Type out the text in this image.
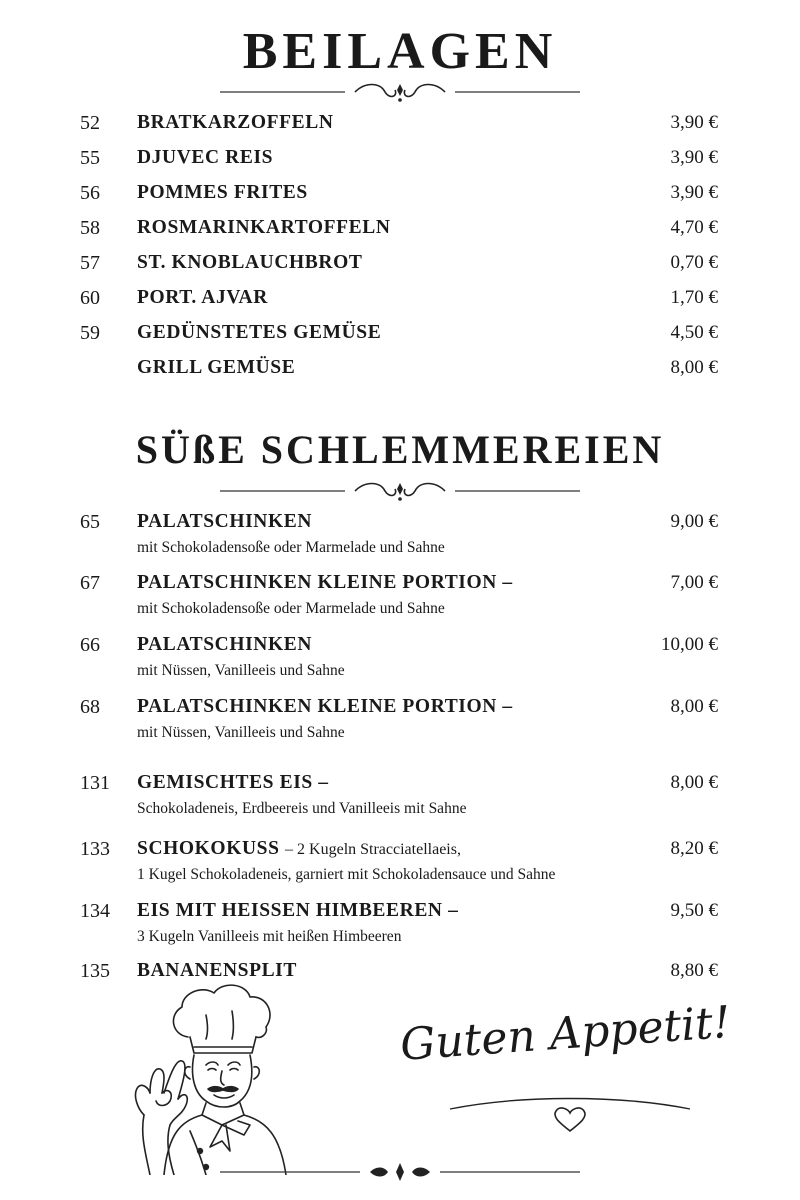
BEILAGEN
52	BRATKARZOFFELN	3,90 €
55	DJUVEC REIS	3,90 €
56	POMMES FRITES	3,90 €
58	ROSMARINKARTOFFELN	4,70 €
57	ST. KNOBLAUCHBROT	0,70 €
60	PORT. AJVAR	1,70 €
59	GEDÜNSTETES GEMÜSE	4,50 €
GRILL GEMÜSE	8,00 €
SÜßE SCHLEMMEREIEN
65	PALATSCHINKEN	9,00 €
mit Schokoladensoße oder Marmelade und Sahne
67	PALATSCHINKEN KLEINE PORTION –	7,00 €
mit Schokoladensoße oder Marmelade und Sahne
66	PALATSCHINKEN	10,00 €
mit Nüssen, Vanilleeis und Sahne
68	PALATSCHINKEN KLEINE PORTION –	8,00 €
mit Nüssen, Vanilleeis und Sahne
131	GEMISCHTES EIS –	8,00 €
Schokoladeneis, Erdbeereis und Vanilleeis mit Sahne
133	SCHOKOKUSS – 2 Kugeln Stracciatellaeis,	8,20 €
1 Kugel Schokoladeneis, garniert mit Schokoladensauce und Sahne
134	EIS MIT HEISSEN HIMBEEREN –	9,50 €
3 Kugeln Vanilleeis mit heißen Himbeeren
135	BANANENSPLIT	8,80 €
Guten Appetit!
